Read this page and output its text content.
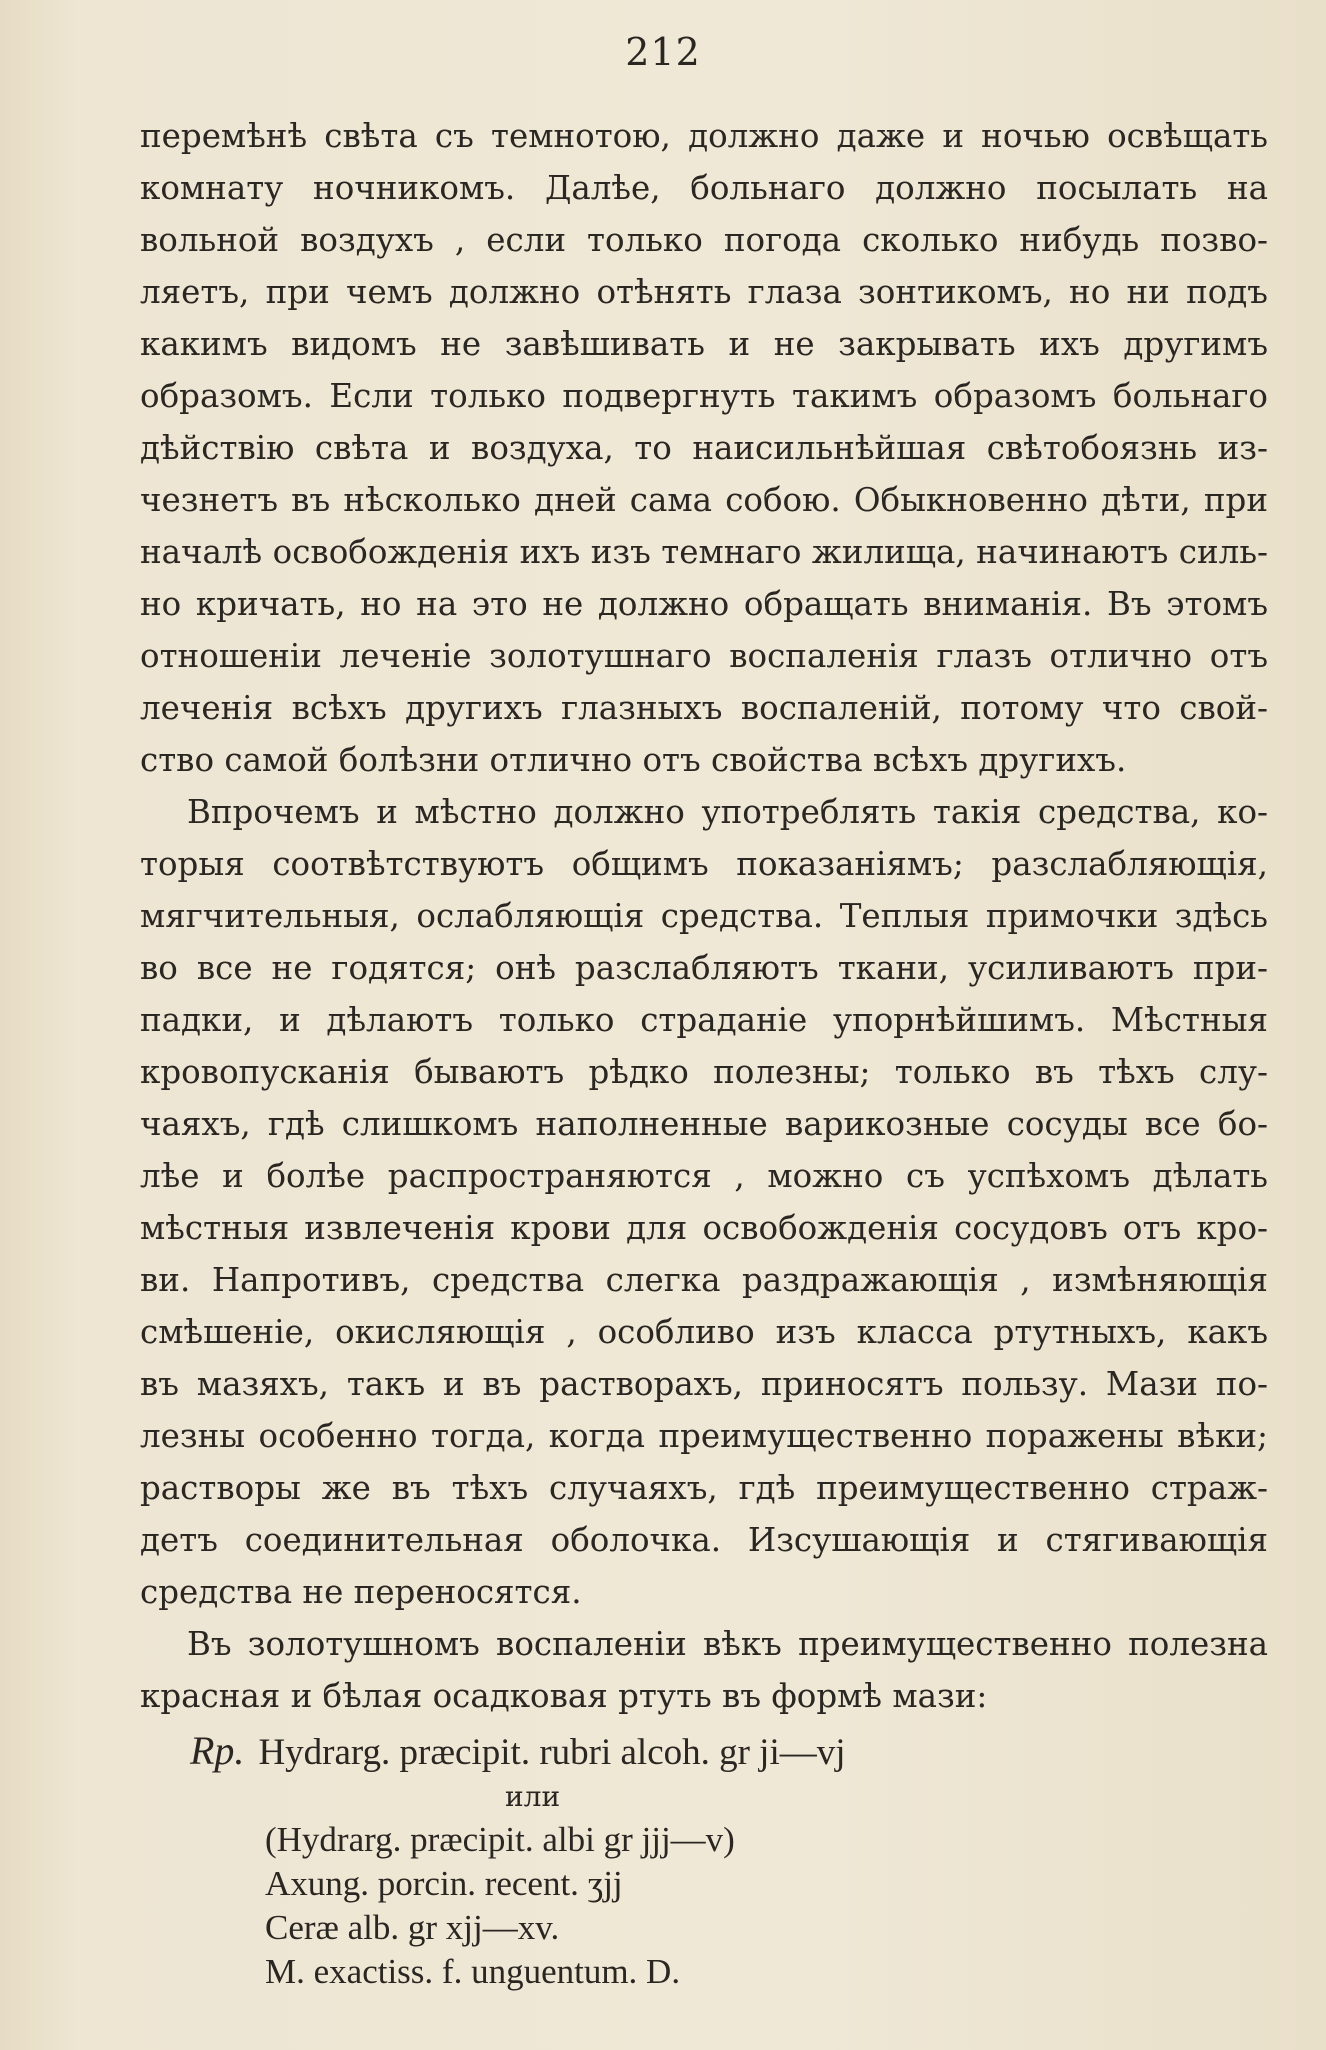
212
перемѣнѣ свѣта съ темнотою, должно даже и ночью освѣщать
комнату ночникомъ. Далѣе, больнаго должно посылать на
вольной воздухъ , если только погода сколько нибудь позво-
ляетъ, при чемъ должно отѣнять глаза зонтикомъ, но ни подъ
какимъ видомъ не завѣшивать и не закрывать ихъ другимъ
образомъ. Если только подвергнуть такимъ образомъ больнаго
дѣйствію свѣта и воздуха, то наисильнѣйшая свѣтобоязнь из-
чезнетъ въ нѣсколько дней сама собою. Обыкновенно дѣти, при
началѣ освобожденія ихъ изъ темнаго жилища, начинаютъ силь-
но кричать, но на это не должно обращать вниманія. Въ этомъ
отношеніи леченіе золотушнаго воспаленія глазъ отлично отъ
леченія всѣхъ другихъ глазныхъ воспаленій, потому что свой-
ство самой болѣзни отлично отъ свойства всѣхъ другихъ.
Впрочемъ и мѣстно должно употреблять такія средства, ко-
торыя соотвѣтствуютъ общимъ показаніямъ; разслабляющія,
мягчительныя, ослабляющія средства. Теплыя примочки здѣсь
во все не годятся; онѣ разслабляютъ ткани, усиливаютъ при-
падки, и дѣлаютъ только страданіе упорнѣйшимъ. Мѣстныя
кровопусканія бываютъ рѣдко полезны; только въ тѣхъ слу-
чаяхъ, гдѣ слишкомъ наполненные варикозные сосуды все бо-
лѣе и болѣе распространяются , можно съ успѣхомъ дѣлать
мѣстныя извлеченія крови для освобожденія сосудовъ отъ кро-
ви. Напротивъ, средства слегка раздражающія , измѣняющія
смѣшеніе, окисляющія , особливо изъ класса ртутныхъ, какъ
въ мазяхъ, такъ и въ растворахъ, приносятъ пользу. Мази по-
лезны особенно тогда, когда преимущественно поражены вѣки;
растворы же въ тѣхъ случаяхъ, гдѣ преимущественно страж-
детъ соединительная оболочка. Изсушающія и стягивающія
средства не переносятся.
Въ золотушномъ воспаленіи вѣкъ преимущественно полезна
красная и бѣлая осадковая ртуть въ формѣ мази:
Rp. Hydrarg. præcipit. rubri alcoh. gr ji—vj
или
(Hydrarg. præcipit. albi gr jjj—v)
Axung. porcin. recent. ʒjj
Ceræ alb. gr xjj—xv.
M. exactiss. f. unguentum. D.
